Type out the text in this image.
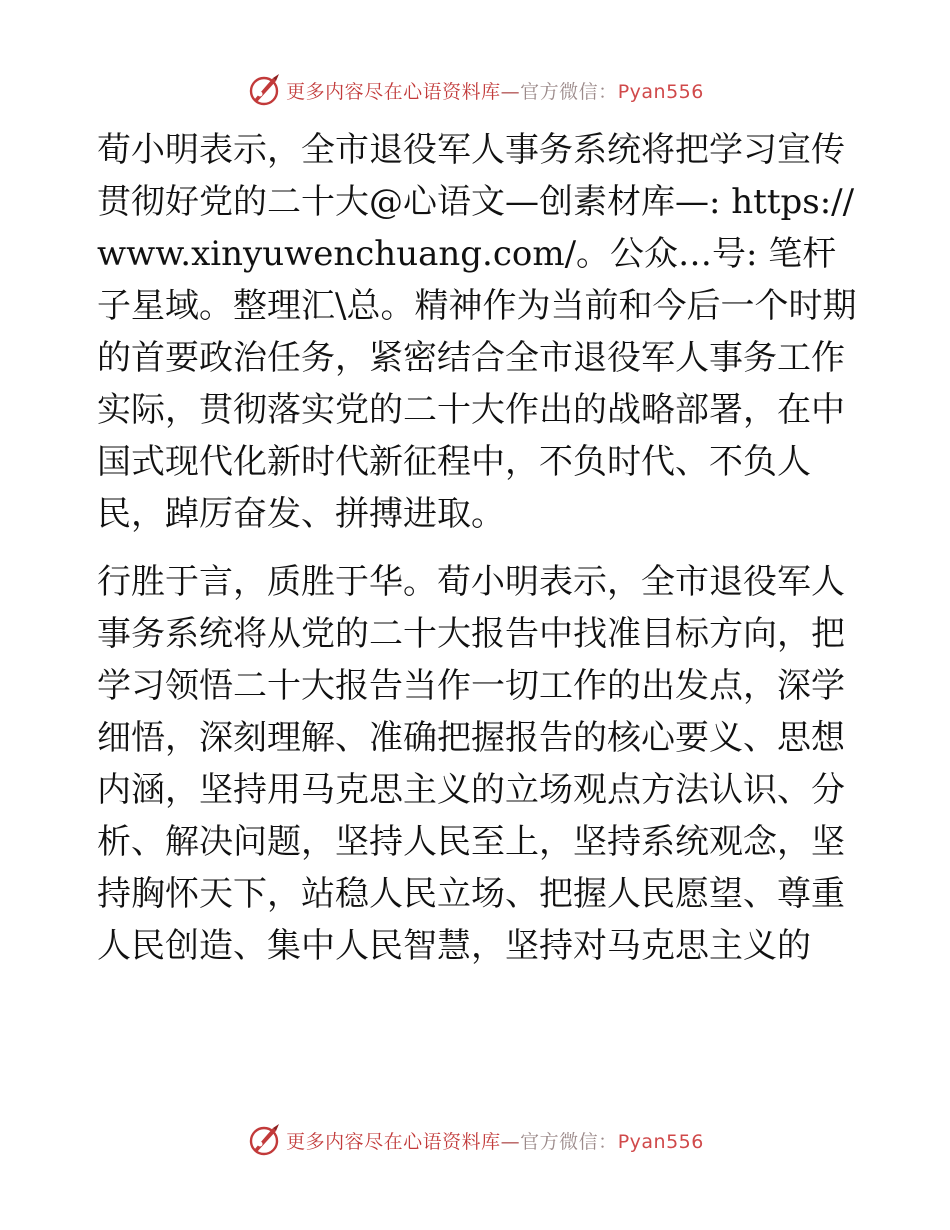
更多内容尽在心语资料库—官方微信：Pyan556

荀小明表示，全市退役军人事务系统将把学习宣传贯彻好党的二十大@心语文—创素材库—: https://www.xinyuwenchuang.com/。公众…号: 笔杆子星域。整理汇\总。精神作为当前和今后一个时期的首要政治任务，紧密结合全市退役军人事务工作实际，贯彻落实党的二十大作出的战略部署，在中国式现代化新时代新征程中，不负时代、不负人民，踔厉奋发、拼搏进取。

行胜于言，质胜于华。荀小明表示，全市退役军人事务系统将从党的二十大报告中找准目标方向，把学习领悟二十大报告当作一切工作的出发点，深学细悟，深刻理解、准确把握报告的核心要义、思想内涵，坚持用马克思主义的立场观点方法认识、分析、解决问题，坚持人民至上，坚持系统观念，坚持胸怀天下，站稳人民立场、把握人民愿望、尊重人民创造、集中人民智慧，坚持对马克思主义的

更多内容尽在心语资料库—官方微信：Pyan556
